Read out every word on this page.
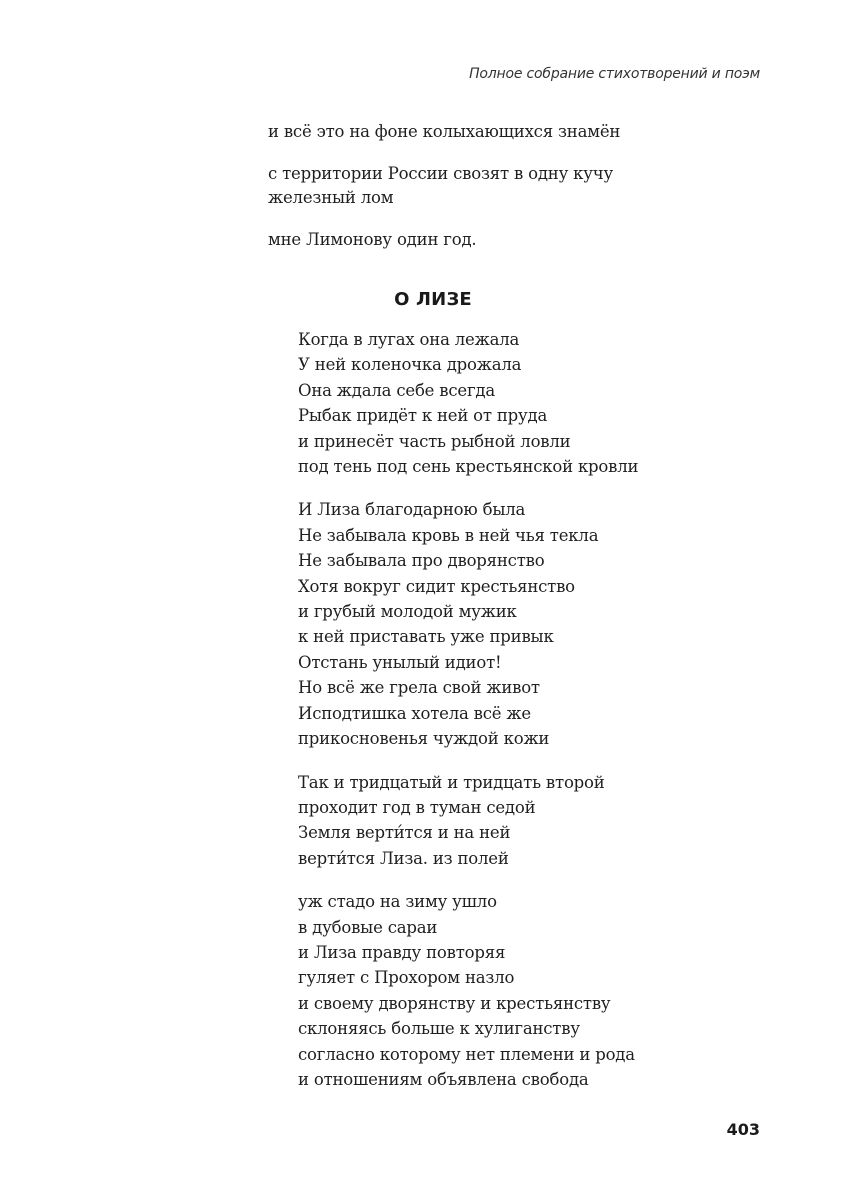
Полное собрание стихотворений и поэм
и всё это на фоне колыхающихся знамён
с территории России свозят в одну кучу
железный лом
мне Лимонову один год.
О ЛИЗЕ
Когда в лугах она лежала
У ней коленочка дрожала
Она ждала себе всегда
Рыбак придёт к ней от пруда
и принесёт часть рыбной ловли
под тень под сень крестьянской кровли
И Лиза благодарною была
Не забывала кровь в ней чья текла
Не забывала про дворянство
Хотя вокруг сидит крестьянство
и грубый молодой мужик
к ней приставать уже привык
Отстань унылый идиот!
Но всё же грела свой живот
Исподтишка хотела всё же
прикосновенья чуждой кожи
Так и тридцатый и тридцать второй
проходит год в туман седой
Земля верти́тся и на ней
верти́тся Лиза. из полей
уж стадо на зиму ушло
в дубовые сараи
и Лиза правду повторяя
гуляет с Прохором назло
и своему дворянству и крестьянству
склоняясь больше к хулиганству
согласно которому нет племени и рода
и отношениям объявлена свобода
403
